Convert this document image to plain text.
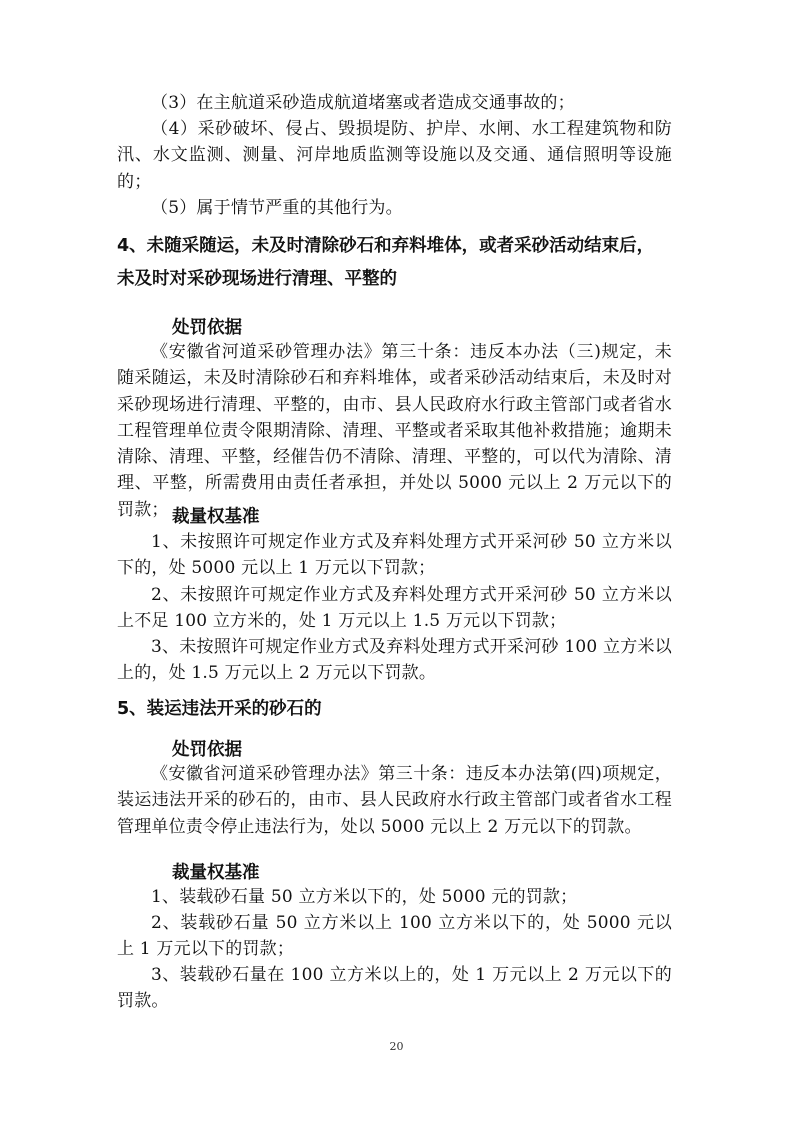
（3）在主航道采砂造成航道堵塞或者造成交通事故的；
（4）采砂破坏、侵占、毁损堤防、护岸、水闸、水工程建筑物和防汛、水文监测、测量、河岸地质监测等设施以及交通、通信照明等设施的；
（5）属于情节严重的其他行为。
4、未随采随运，未及时清除砂石和弃料堆体，或者采砂活动结束后，
未及时对采砂现场进行清理、平整的
处罚依据
《安徽省河道采砂管理办法》第三十条：违反本办法（三)规定，未随采随运，未及时清除砂石和弃料堆体，或者采砂活动结束后，未及时对采砂现场进行清理、平整的，由市、县人民政府水行政主管部门或者省水工程管理单位责令限期清除、清理、平整或者采取其他补救措施；逾期未清除、清理、平整，经催告仍不清除、清理、平整的，可以代为清除、清理、平整，所需费用由责任者承担，并处以 5000 元以上 2 万元以下的罚款； 裁量权基准
1、未按照许可规定作业方式及弃料处理方式开采河砂 50 立方米以下的，处 5000 元以上 1 万元以下罚款；
2、未按照许可规定作业方式及弃料处理方式开采河砂 50 立方米以上不足 100 立方米的，处 1 万元以上 1.5 万元以下罚款；
3、未按照许可规定作业方式及弃料处理方式开采河砂 100 立方米以上的，处 1.5 万元以上 2 万元以下罚款。
5、装运违法开采的砂石的
处罚依据
《安徽省河道采砂管理办法》第三十条：违反本办法第(四)项规定，装运违法开采的砂石的，由市、县人民政府水行政主管部门或者省水工程管理单位责令停止违法行为，处以 5000 元以上 2 万元以下的罚款。
裁量权基准
1、装载砂石量 50 立方米以下的，处 5000 元的罚款；
2、装载砂石量 50 立方米以上 100 立方米以下的，处 5000 元以上 1 万元以下的罚款；
3、装载砂石量在 100 立方米以上的，处 1 万元以上 2 万元以下的罚款。
20
